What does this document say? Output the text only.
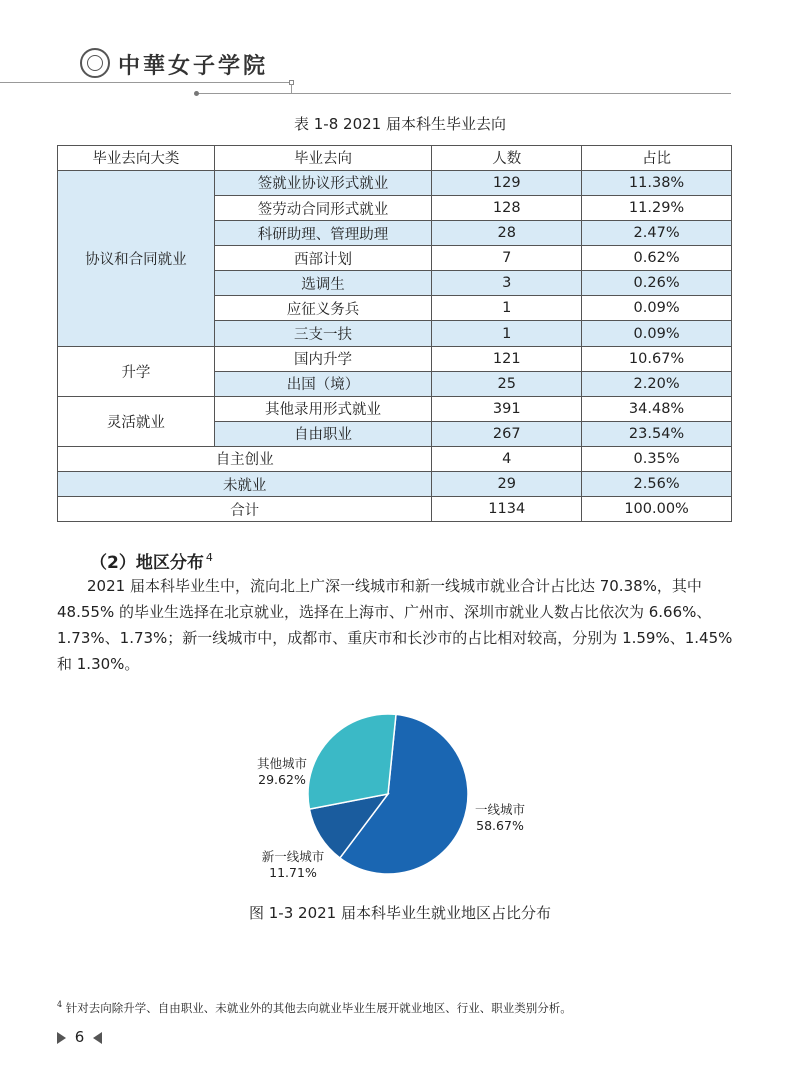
中華女子学院
表 1-8 2021 届本科生毕业去向
毕业去向大类	毕业去向	人数	占比
协议和合同就业	签就业协议形式就业	129	11.38%
	签劳动合同形式就业	128	11.29%
	科研助理、管理助理	28	2.47%
	西部计划	7	0.62%
	选调生	3	0.26%
	应征义务兵	1	0.09%
	三支一扶	1	0.09%
升学	国内升学	121	10.67%
	出国（境）	25	2.20%
灵活就业	其他录用形式就业	391	34.48%
	自由职业	267	23.54%
自主创业		4	0.35%
未就业		29	2.56%
合计		1134	100.00%
（2）地区分布 $^4$
2021 届本科毕业生中，流向北上广深一线城市和新一线城市就业合计占比达 70.38%，其中 48.55% 的毕业生选择在北京就业，选择在上海市、广州市、深圳市就业人数占比依次为 6.66%、1.73%、1.73%；新一线城市中，成都市、重庆市和长沙市的占比相对较高，分别为 1.59%、1.45% 和 1.30%。
其他城市
29.62%
一线城市
58.67%
新一线城市
11.71%
图 1-3 2021 届本科毕业生就业地区占比分布
$^4$ 针对去向除升学、自由职业、未就业外的其他去向就业毕业生展开就业地区、行业、职业类别分析。
6
